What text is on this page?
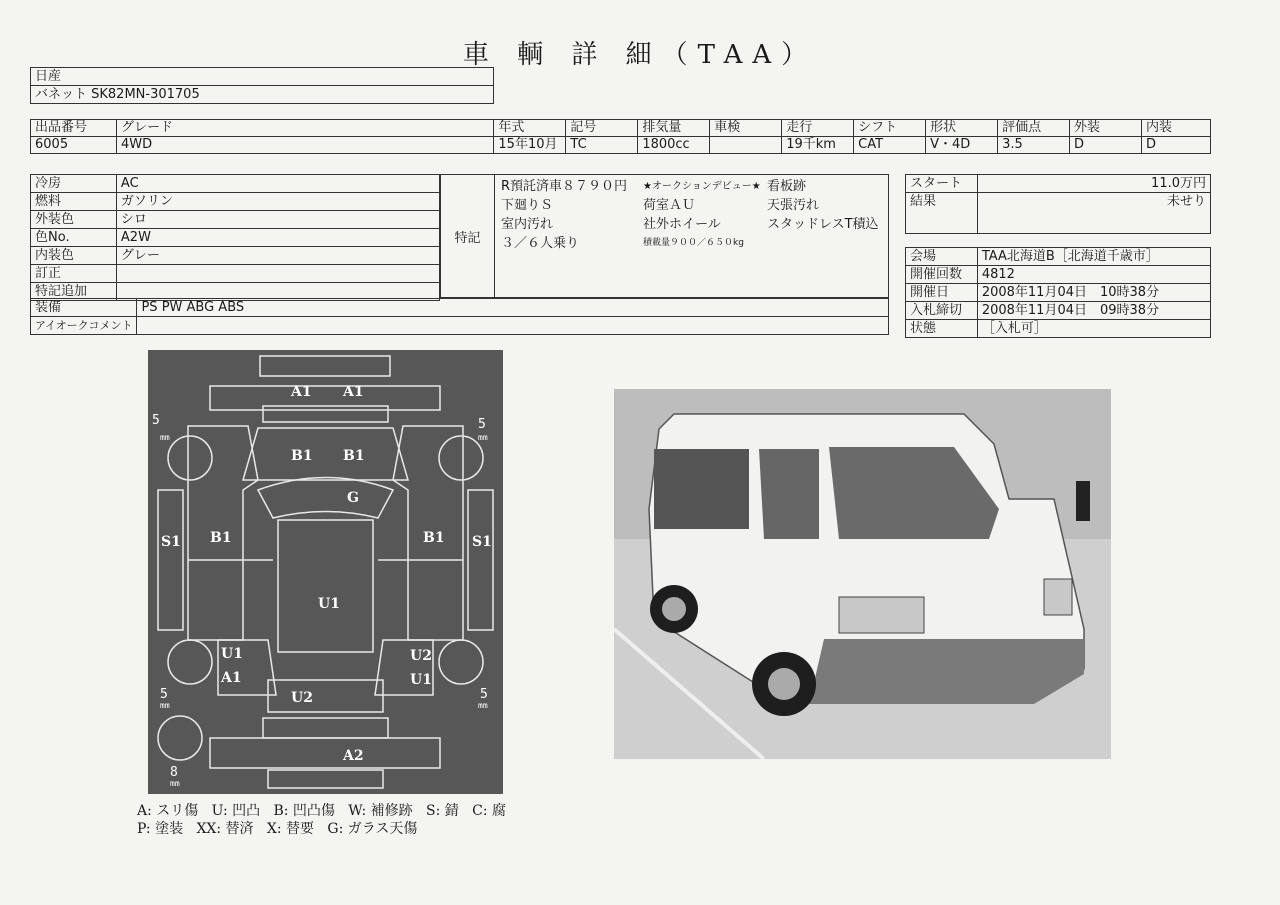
車 輌 詳 細（TAA）
日産
バネット SK82MN-301705
出品番号	グレード	年式	記号	排気量	車検	走行	シフト	形状	評価点	外装	内装
6005	4WD	15年10月	TC	1800cc		19千km	CAT	V・4D	3.5	D	D
冷房	AC
燃料	ガソリン
外装色	シロ
色No.	A2W
内装色	グレー
訂正	
特記追加	
装備	PS PW ABG ABS
アイオークコメント	
特記
R預託済車８７９０円
下廻りＳ
室内汚れ
３／６人乗り
★オークションデビュー★
荷室ＡＵ
社外ホイール
積載量９００／６５０kg
看板跡
天張汚れ
スタッドレスT積込
スタート	11.0万円
結果	未せり
会場	TAA北海道B［北海道千歳市］
開催回数	4812
開催日	2008年11月04日　10時38分
入札締切	2008年11月04日　09時38分
状態	［入札可］
A1 A1
B1 B1
G
S1 B1	B1 S1
U1
U1
A1
U2
U1
U2
A2
5	5
5	5
8
mm	mm
mm	mm
mm
A: スリ傷 U: 凹凸 B: 凹凸傷 W: 補修跡 S: 錆 C: 腐
P: 塗装 XX: 替済 X: 替要 G: ガラス天傷
